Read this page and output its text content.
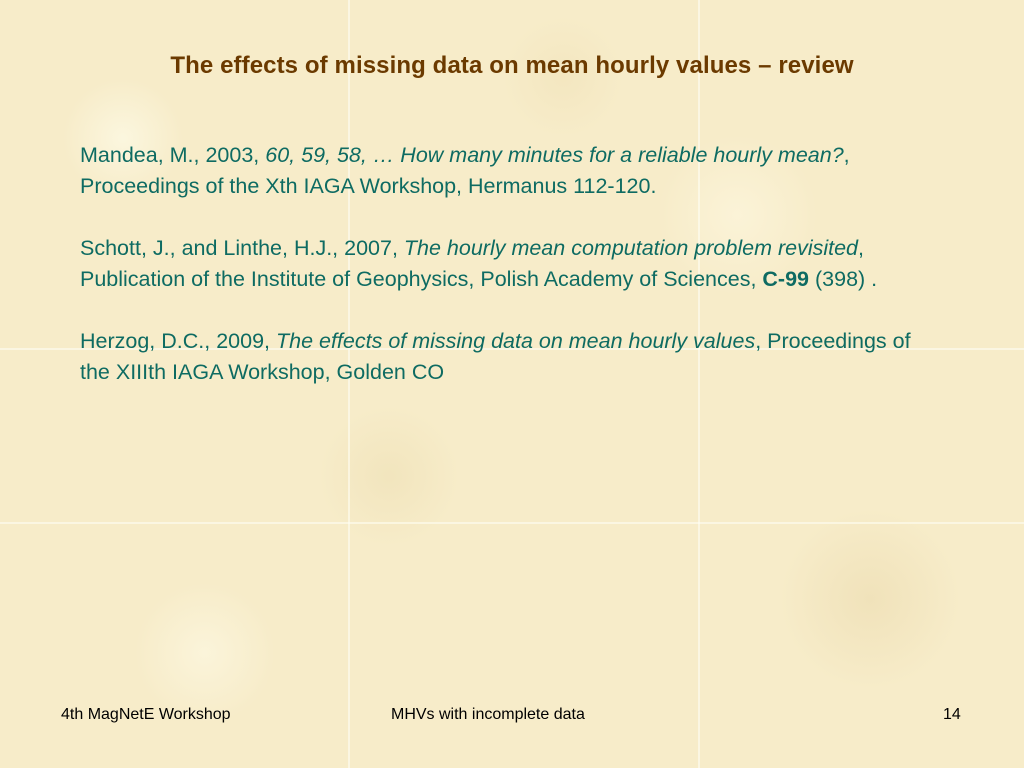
The effects of missing data on mean hourly values – review

Mandea, M., 2003, 60, 59, 58, … How many minutes for a reliable hourly mean?, Proceedings of the Xth IAGA Workshop, Hermanus 112-120.

Schott, J., and Linthe, H.J., 2007, The hourly mean computation problem revisited, Publication of the Institute of Geophysics, Polish Academy of Sciences, C-99 (398) .

Herzog, D.C., 2009, The effects of missing data on mean hourly values, Proceedings of the XIIIth IAGA Workshop, Golden CO

4th MagNetE Workshop	MHVs with incomplete data	14
